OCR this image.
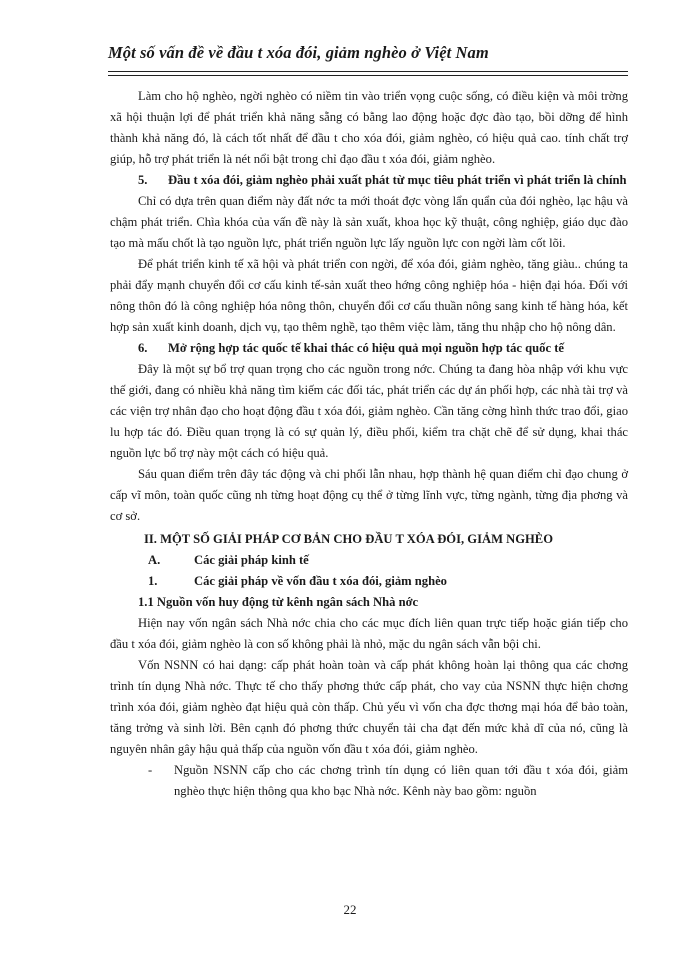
Một số vấn đề về đầu t xóa đói, giảm nghèo ở Việt Nam

Làm cho hộ nghèo, ngời nghèo có niềm tin vào triển vọng cuộc sống, có điều kiện và môi trờng xã hội thuận lợi để phát triển khả năng sẵng có bằng lao động hoặc đợc đào tạo, bồi dỡng để hình thành khả năng đó, là cách tốt nhất để đầu t cho xóa đói, giảm nghèo, có hiệu quả cao. tính chất trợ giúp, hỗ trợ phát triển là nét nổi bật trong chỉ đạo đầu t xóa đói, giảm nghèo.

5. Đầu t xóa đói, giảm nghèo phải xuất phát từ mục tiêu phát triển vì phát triển là chính

Chỉ có dựa trên quan điểm này đất nớc ta mới thoát đợc vòng lẩn quẩn của đói nghèo, lạc hậu và chậm phát triển. Chìa khóa của vấn đề này là sản xuất, khoa học kỹ thuật, công nghiệp, giáo dục đào tạo mà mấu chốt là tạo nguồn lực, phát triển nguồn lực lấy nguồn lực con ngời làm cốt lõi.

Để phát triển kinh tế xã hội và phát triển con ngời, để xóa đói, giảm nghèo, tăng giàu.. chúng ta phải đẩy mạnh chuyển đổi cơ cấu kinh tế-sản xuất theo hớng công nghiệp hóa - hiện đại hóa. Đối với nông thôn đó là công nghiệp hóa nông thôn, chuyển đổi cơ cấu thuần nông sang kinh tế hàng hóa, kết hợp sản xuất kinh doanh, dịch vụ, tạo thêm nghề, tạo thêm việc làm, tăng thu nhập cho hộ nông dân.

6. Mở rộng hợp tác quốc tế khai thác có hiệu quả mọi nguồn hợp tác quốc tế

Đây là một sự bổ trợ quan trọng cho các nguồn trong nớc. Chúng ta đang hòa nhập với khu vực thế giới, đang có nhiều khả năng tìm kiếm các đối tác, phát triển các dự án phối hợp, các nhà tài trợ và các viện trợ nhân đạo cho hoạt động đầu t xóa đói, giảm nghèo. Cần tăng cờng hình thức trao đổi, giao lu hợp tác đó. Điều quan trọng là có sự quản lý, điều phối, kiểm tra chặt chẽ để sử dụng, khai thác nguồn lực bổ trợ này một cách có hiệu quả.

Sáu quan điểm trên đây tác động và chi phối lẫn nhau, hợp thành hệ quan điểm chỉ đạo chung ở cấp vĩ môn, toàn quốc cũng nh từng hoạt động cụ thể ở từng lĩnh vực, từng ngành, từng địa phơng và cơ sở.

II. MỘT SỐ GIẢI PHÁP CƠ BẢN CHO ĐẦU T XÓA ĐÓI, GIẢM NGHÈO

A.	Các giải pháp kinh tế

1.	Các giải pháp về vốn đầu t xóa đói, giảm nghèo

1.1 Nguồn vốn huy động từ kênh ngân sách Nhà nớc

Hiện nay vốn ngân sách Nhà nớc chia cho các mục đích liên quan trực tiếp hoặc gián tiếp cho đầu t xóa đói, giảm nghèo là con số không phải là nhỏ, mặc du ngân sách vẫn bội chi.

Vốn NSNN có hai dạng: cấp phát hoàn toàn và cấp phát không hoàn lại thông qua các chơng trình tín dụng Nhà nớc. Thực tế cho thấy phơng thức cấp phát, cho vay của NSNN thực hiện chơng trình xóa đói, giảm nghèo đạt hiệu quả còn thấp. Chủ yếu vì vốn cha đợc thơng mại hóa để bảo toàn, tăng trởng và sinh lời. Bên cạnh đó phơng thức chuyển tải cha đạt đến mức khả dĩ của nó, cũng là nguyên nhân gây hậu quả thấp của nguồn vốn đầu t xóa đói, giảm nghèo.

- Nguồn NSNN cấp cho các chơng trình tín dụng có liên quan tới đầu t xóa đói, giảm nghèo thực hiện thông qua kho bạc Nhà nớc. Kênh này bao gồm: nguồn

22
